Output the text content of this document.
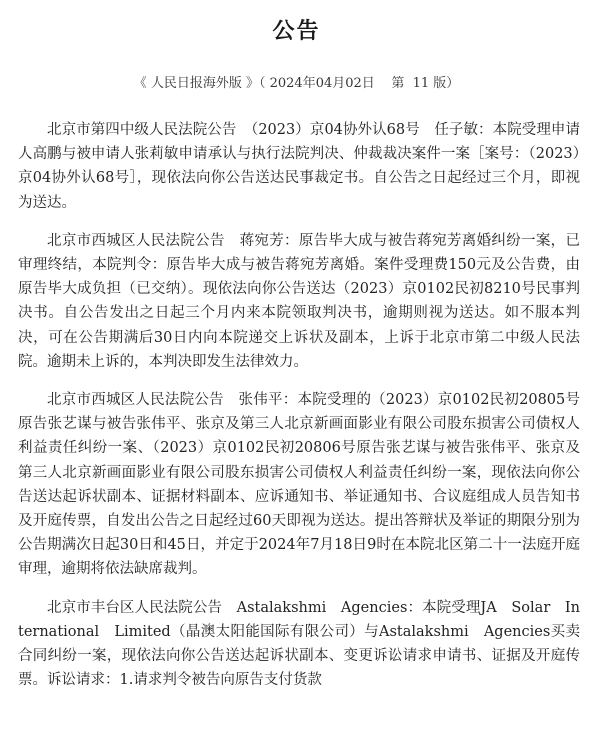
公告
《 人民日报海外版 》（ 2024年04月02日    第  11 版）

北京市第四中级人民法院公告　（2023）京04协外认68号　任子敏：本院受理申请人高鹏与被申请人张莉敏申请承认与执行法院判决、仲裁裁决案件一案［案号：（2023）京04协外认68号］，现依法向你公告送达民事裁定书。自公告之日起经过三个月，即视为送达。

北京市西城区人民法院公告　蒋宛芳：原告毕大成与被告蒋宛芳离婚纠纷一案，已审理终结，本院判令：原告毕大成与被告蒋宛芳离婚。案件受理费150元及公告费，由原告毕大成负担（已交纳）。现依法向你公告送达（2023）京0102民初8210号民事判决书。自公告发出之日起三个月内来本院领取判决书，逾期则视为送达。如不服本判决，可在公告期满后30日内向本院递交上诉状及副本，上诉于北京市第二中级人民法院。逾期未上诉的，本判决即发生法律效力。

北京市西城区人民法院公告　张伟平：本院受理的（2023）京0102民初20805号原告张艺谋与被告张伟平、张京及第三人北京新画面影业有限公司股东损害公司债权人利益责任纠纷一案、（2023）京0102民初20806号原告张艺谋与被告张伟平、张京及第三人北京新画面影业有限公司股东损害公司债权人利益责任纠纷一案，现依法向你公告送达起诉状副本、证据材料副本、应诉通知书、举证通知书、合议庭组成人员告知书及开庭传票，自发出公告之日起经过60天即视为送达。提出答辩状及举证的期限分别为公告期满次日起30日和45日，并定于2024年7月18日9时在本院北区第二十一法庭开庭审理，逾期将依法缺席裁判。

北京市丰台区人民法院公告　Astalakshmi　Agencies：本院受理JA　Solar　International　Limited（晶澳太阳能国际有限公司）与Astalakshmi　Agencies买卖合同纠纷一案，现依法向你公告送达起诉状副本、变更诉讼请求申请书、证据及开庭传票。诉讼请求：1.请求判令被告向原告支付货款
